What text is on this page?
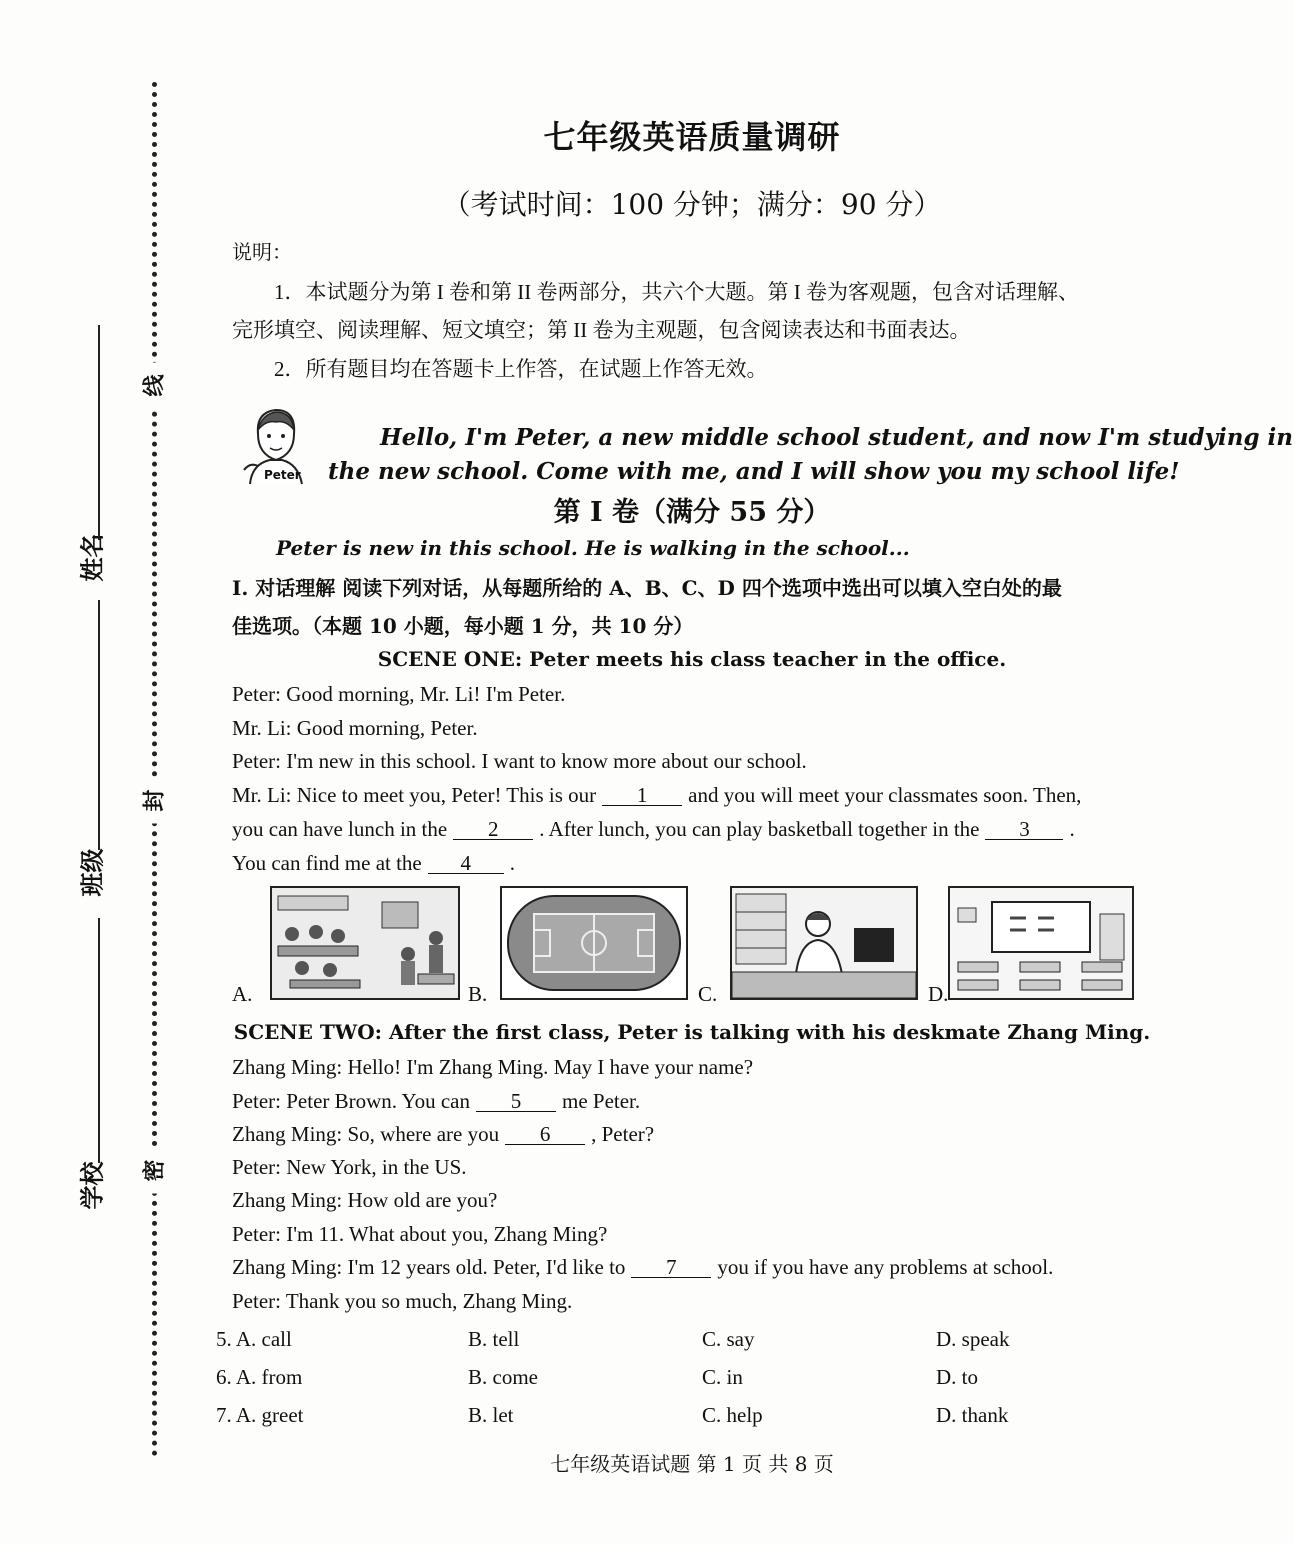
线
封
密
姓名
班级
学校
Peter
七年级英语质量调研
（考试时间：100 分钟；满分：90 分）
说明：
1．本试题分为第 I 卷和第 II 卷两部分，共六个大题。第 I 卷为客观题，包含对话理解、
完形填空、阅读理解、短文填空；第 II 卷为主观题，包含阅读表达和书面表达。
2．所有题目均在答题卡上作答，在试题上作答无效。
Hello, I'm Peter, a new middle school student, and now I'm studying in
the new school. Come with me, and I will show you my school life!
第 I 卷（满分 55 分）
Peter is new in this school. He is walking in the school...
I. 对话理解 阅读下列对话，从每题所给的 A、B、C、D 四个选项中选出可以填入空白处的最
佳选项。（本题 10 小题，每小题 1 分，共 10 分）
SCENE ONE: Peter meets his class teacher in the office.
Peter: Good morning, Mr. Li! I'm Peter.
Mr. Li: Good morning, Peter.
Peter: I'm new in this school. I want to know more about our school.
Mr. Li: Nice to meet you, Peter! This is our 1 and you will meet your classmates soon. Then,
you can have lunch in the 2 . After lunch, you can play basketball together in the 3 .
You can find me at the 4 .
A.	B.	C.	D.
SCENE TWO: After the first class, Peter is talking with his deskmate Zhang Ming.
Zhang Ming: Hello! I'm Zhang Ming. May I have your name?
Peter: Peter Brown. You can 5 me Peter.
Zhang Ming: So, where are you 6 , Peter?
Peter: New York, in the US.
Zhang Ming: How old are you?
Peter: I'm 11. What about you, Zhang Ming?
Zhang Ming: I'm 12 years old. Peter, I'd like to 7 you if you have any problems at school.
Peter: Thank you so much, Zhang Ming.
5. A. call	B. tell	C. say	D. speak
6. A. from	B. come	C. in	D. to
7. A. greet	B. let	C. help	D. thank
七年级英语试题 第 1 页 共 8 页
